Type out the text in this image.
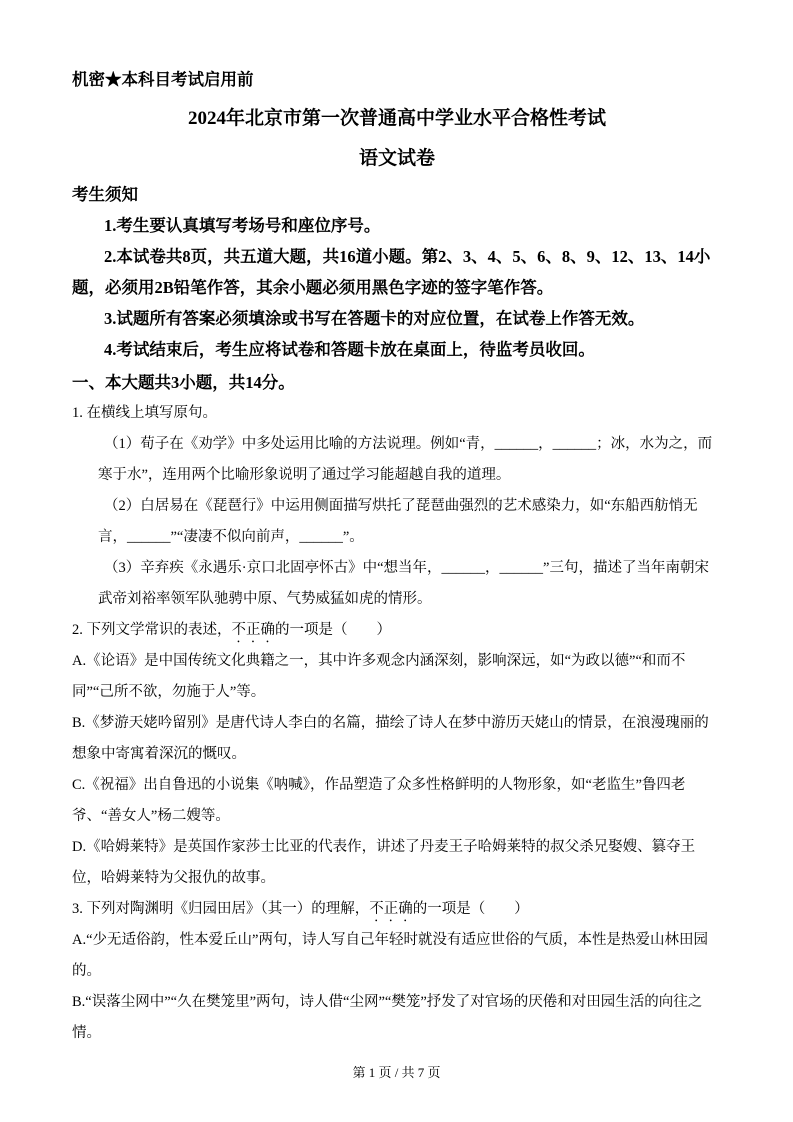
机密★本科目考试启用前

2024年北京市第一次普通高中学业水平合格性考试

语文试卷

考生须知

1.考生要认真填写考场号和座位序号。

2.本试卷共8页，共五道大题，共16道小题。第2、3、4、5、6、8、9、12、13、14小题，必须用2B铅笔作答，其余小题必须用黑色字迹的签字笔作答。

3.试题所有答案必须填涂或书写在答题卡的对应位置，在试卷上作答无效。

4.考试结束后，考生应将试卷和答题卡放在桌面上，待监考员收回。

一、本大题共3小题，共14分。

1. 在横线上填写原句。

（1）荀子在《劝学》中多处运用比喻的方法说理。例如“青，______，______；冰，水为之，而寒于水”，连用两个比喻形象说明了通过学习能超越自我的道理。

（2）白居易在《琵琶行》中运用侧面描写烘托了琵琶曲强烈的艺术感染力，如“东船西舫悄无言，______”“凄凄不似向前声，______”。

（3）辛弃疾《永遇乐·京口北固亭怀古》中“想当年，______，______”三句，描述了当年南朝宋武帝刘裕率领军队驰骋中原、气势威猛如虎的情形。

2. 下列文学常识的表述，不正确的一项是（　　）

A.《论语》是中国传统文化典籍之一，其中许多观念内涵深刻，影响深远，如“为政以德”“和而不同”“己所不欲，勿施于人”等。

B.《梦游天姥吟留别》是唐代诗人李白的名篇，描绘了诗人在梦中游历天姥山的情景，在浪漫瑰丽的想象中寄寓着深沉的慨叹。

C.《祝福》出自鲁迅的小说集《呐喊》，作品塑造了众多性格鲜明的人物形象，如“老监生”鲁四老爷、“善女人”杨二嫂等。

D.《哈姆莱特》是英国作家莎士比亚的代表作，讲述了丹麦王子哈姆莱特的叔父杀兄娶嫂、篡夺王位，哈姆莱特为父报仇的故事。

3. 下列对陶渊明《归园田居》（其一）的理解，不正确的一项是（　　）

A.“少无适俗韵，性本爱丘山”两句，诗人写自己年轻时就没有适应世俗的气质，本性是热爱山林田园的。

B.“误落尘网中”“久在樊笼里”两句，诗人借“尘网”“樊笼”抒发了对官场的厌倦和对田园生活的向往之情。

第 1 页 / 共 7 页
